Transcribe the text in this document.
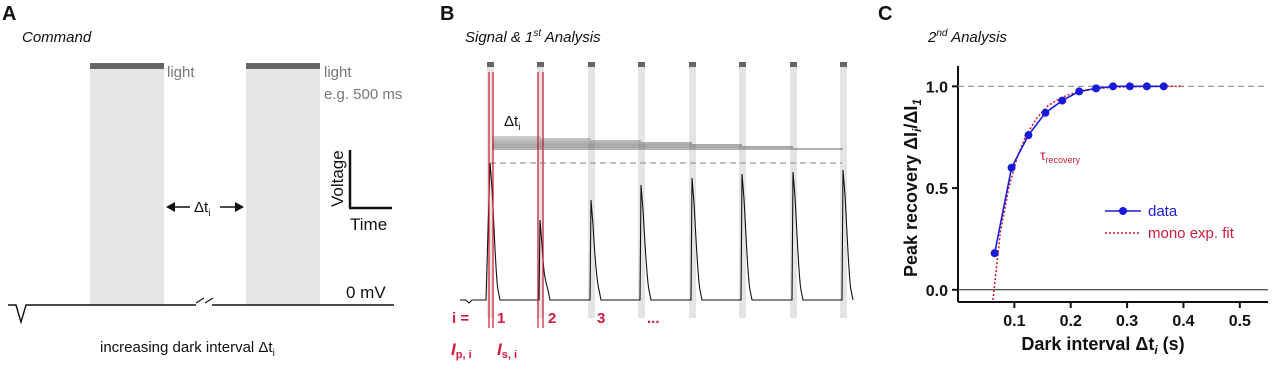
A
Command
light	light
e.g. 500 ms
$\Delta t_i$
Voltage
Time
0 mV
increasing dark interval $\Delta t_i$
B
Signal & 1st Analysis
$\Delta t_i$
i = 1	2	3	...
Ip, i Is, i
C
2nd Analysis
0.0
0.5
1.0
0.1 0.2 0.3 0.4 0.5
Dark interval $\Delta t_i$ (s)
Peak recovery $\Delta I_i/\Delta I_1$
$\tau_{recovery}$
data
mono exp. fit
